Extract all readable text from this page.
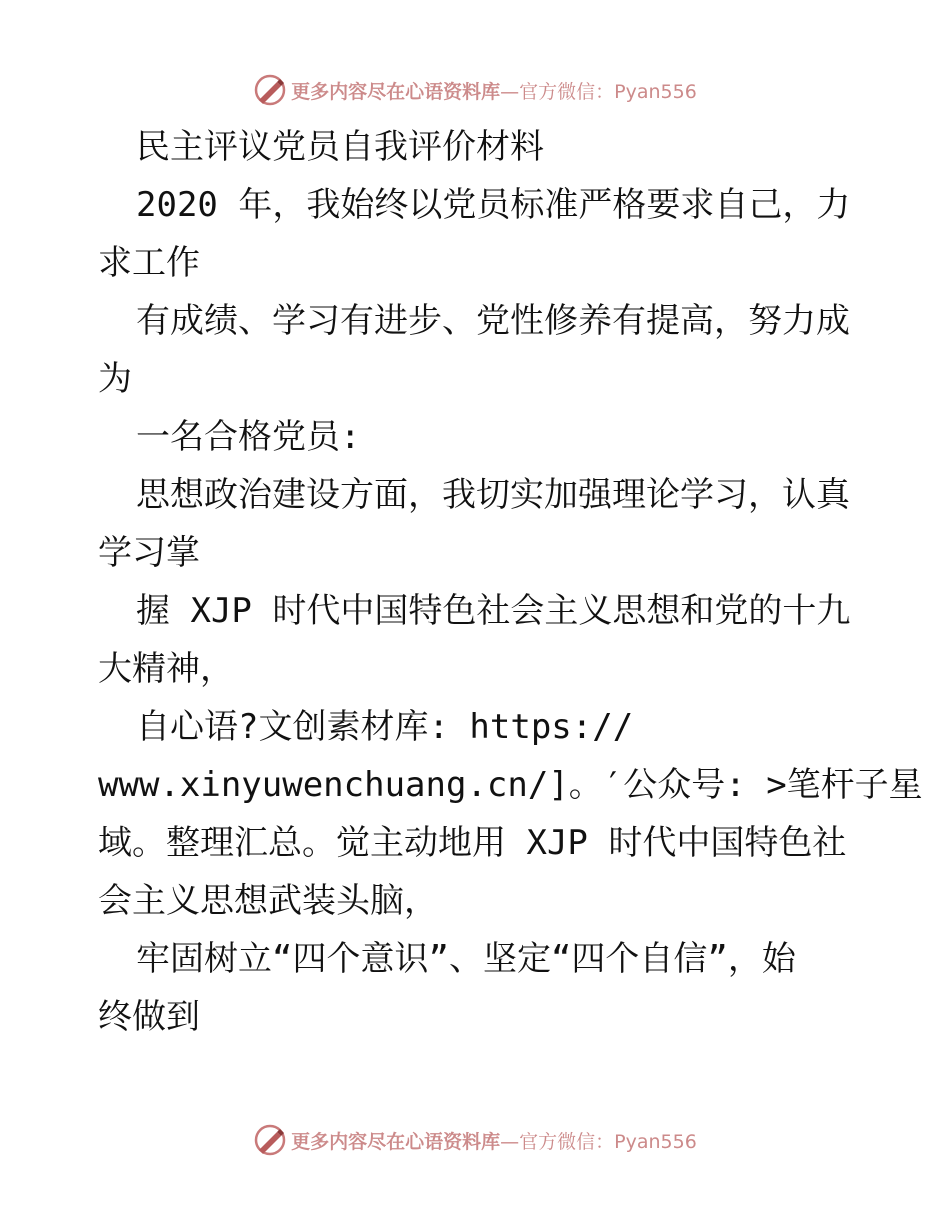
更多内容尽在心语资料库 —官方微信：Pyan556
民主评议党员自我评价材料
2020 年，我始终以党员标准严格要求自己，力
求工作
有成绩、学习有进步、党性修养有提高，努力成
为
一名合格党员:
思想政治建设方面，我切实加强理论学习，认真
学习掌
握 XJP 时代中国特色社会主义思想和党的十九
大精神，
自心语?文创素材库: https://
www.xinyuwenchuang.cn/]。′公众号: >笔杆子星
域。整理汇总。觉主动地用 XJP 时代中国特色社
会主义思想武装头脑，
牢固树立“四个意识”、坚定“四个自信”，始
终做到
更多内容尽在心语资料库 —官方微信：Pyan556
